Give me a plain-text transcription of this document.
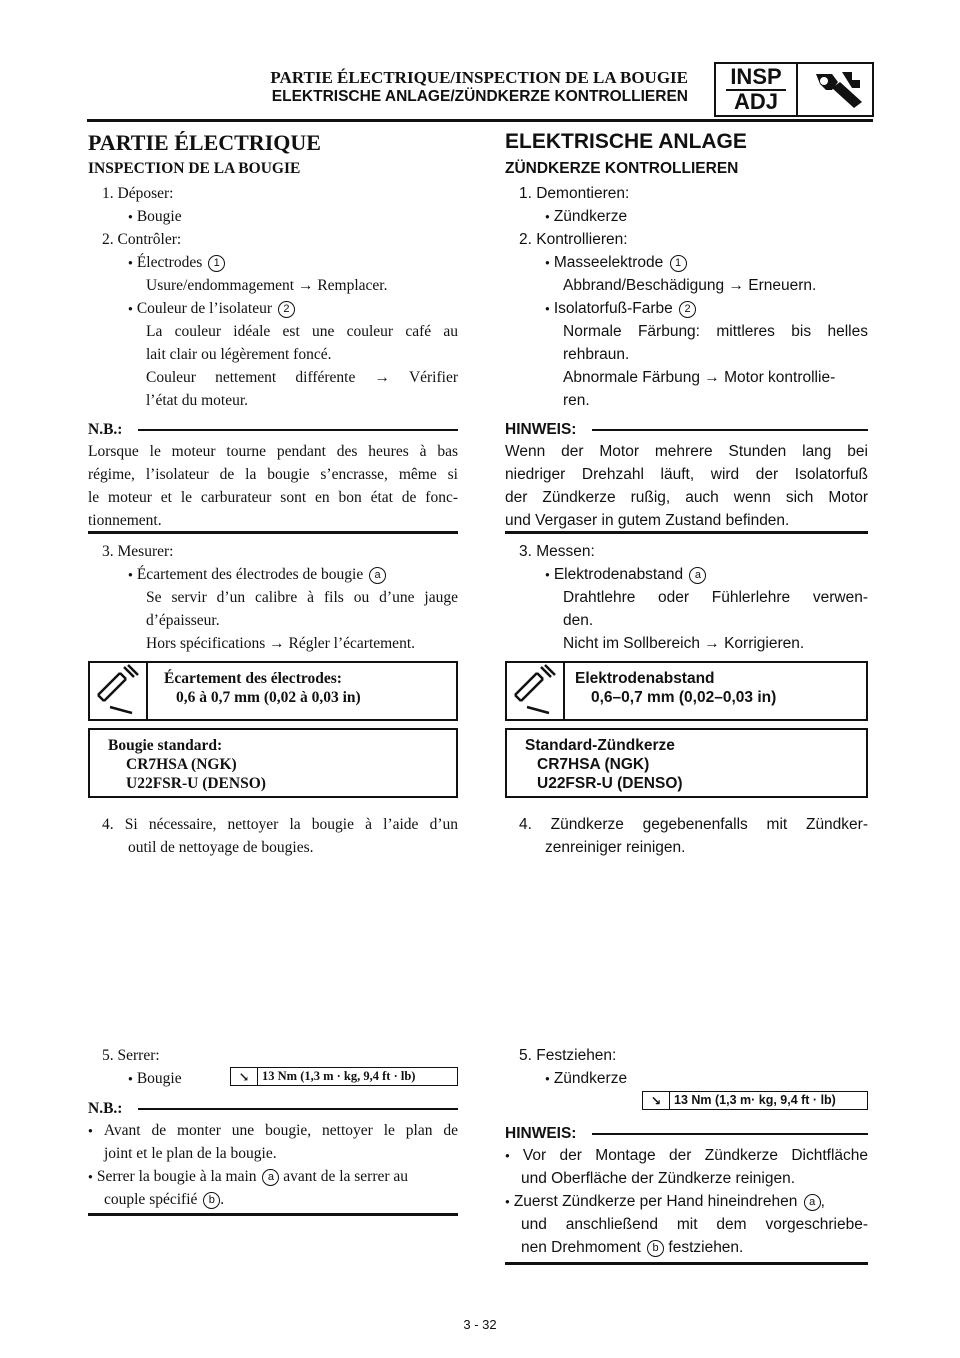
PARTIE ÉLECTRIQUE/INSPECTION DE LA BOUGIE
ELEKTRISCHE ANLAGE/ZÜNDKERZE KONTROLLIEREN
INSP
ADJ
PARTIE ÉLECTRIQUE
INSPECTION DE LA BOUGIE
1. Déposer:
● Bougie
2. Contrôler:
● Électrodes 1
Usure/endommagement → Remplacer.
● Couleur de l’isolateur 2
La couleur idéale est une couleur café au
lait clair ou légèrement foncé.
Couleur nettement différente → Vérifier
l’état du moteur.
N.B.:
Lorsque le moteur tourne pendant des heures à bas
régime, l’isolateur de la bougie s’encrasse, même si
le moteur et le carburateur sont en bon état de fonc-
tionnement.
3. Mesurer:
● Écartement des électrodes de bougie a
Se servir d’un calibre à fils ou d’une jauge
d’épaisseur.
Hors spécifications → Régler l’écartement.
Écartement des électrodes:
0,6 à 0,7 mm (0,02 à 0,03 in)
Bougie standard:
CR7HSA (NGK)
U22FSR-U (DENSO)
4. Si nécessaire, nettoyer la bougie à l’aide d’un
outil de nettoyage de bougies.
5. Serrer:
● Bougie	↘	13 Nm (1,3 m · kg, 9,4 ft · lb)
N.B.:
● Avant de monter une bougie, nettoyer le plan de
joint et le plan de la bougie.
● Serrer la bougie à la main a avant de la serrer au
couple spécifié b .
ELEKTRISCHE ANLAGE
ZÜNDKERZE KONTROLLIEREN
1. Demontieren:
● Zündkerze
2. Kontrollieren:
● Masseelektrode 1
Abbrand/Beschädigung → Erneuern.
● Isolatorfuß-Farbe 2
Normale Färbung: mittleres bis helles
rehbraun.
Abnormale Färbung → Motor kontrollie-
ren.
HINWEIS:
Wenn der Motor mehrere Stunden lang bei
niedriger Drehzahl läuft, wird der Isolatorfuß
der Zündkerze rußig, auch wenn sich Motor
und Vergaser in gutem Zustand befinden.
3. Messen:
● Elektrodenabstand a
Drahtlehre oder Fühlerlehre verwen-
den.
Nicht im Sollbereich → Korrigieren.
Elektrodenabstand
0,6–0,7 mm (0,02–0,03 in)
Standard-Zündkerze
CR7HSA (NGK)
U22FSR-U (DENSO)
4. Zündkerze gegebenenfalls mit Zündker-
zenreiniger reinigen.
5. Festziehen:
● Zündkerze
↘	13 Nm (1,3 m· kg, 9,4 ft · lb)
HINWEIS:
● Vor der Montage der Zündkerze Dichtfläche
und Oberfläche der Zündkerze reinigen.
● Zuerst Zündkerze per Hand hineindrehen a ,
und anschließend mit dem vorgeschriebe-
nen Drehmoment b festziehen.
3 - 32
